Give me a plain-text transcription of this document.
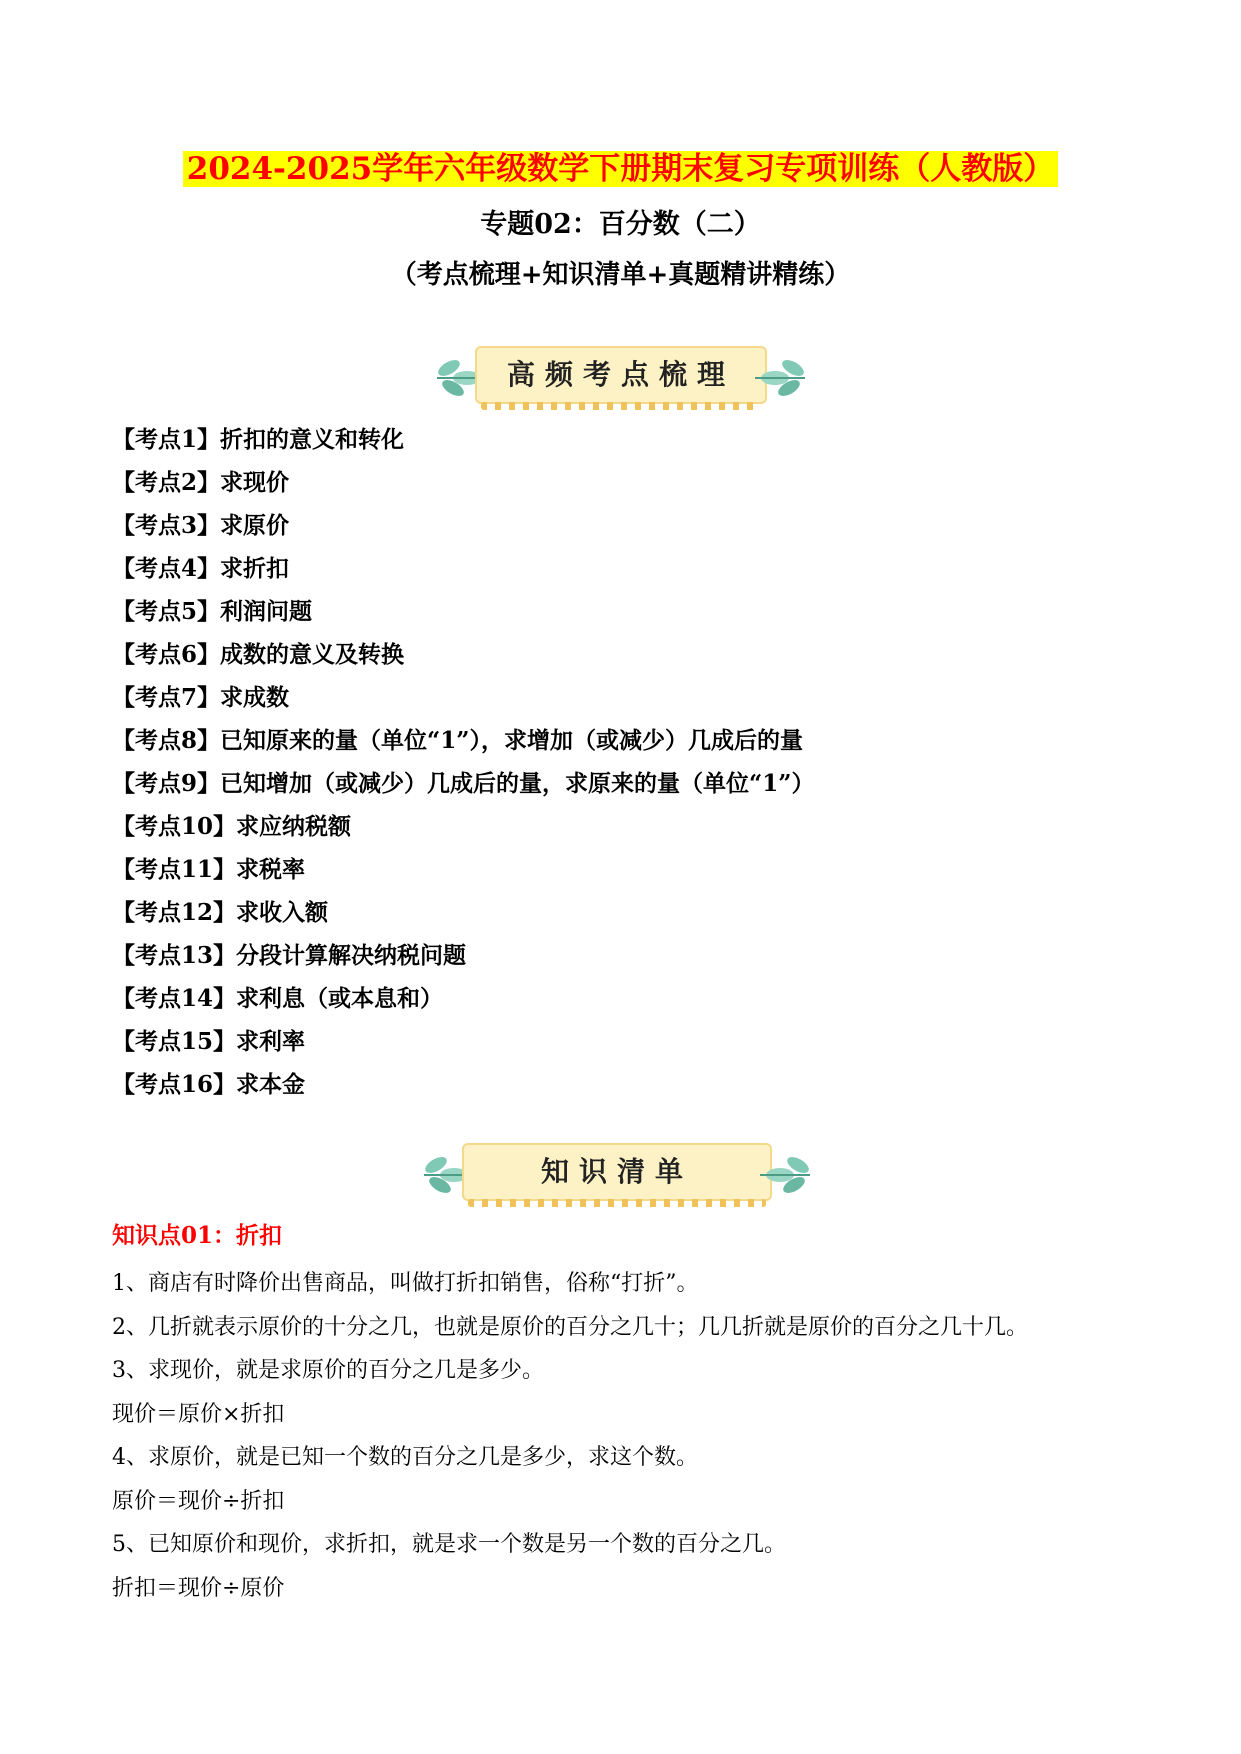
2024-2025学年六年级数学下册期末复习专项训练（人教版）
专题02：百分数（二）
（考点梳理+知识清单+真题精讲精练）
高频考点梳理
【考点1】折扣的意义和转化
【考点2】求现价
【考点3】求原价
【考点4】求折扣
【考点5】利润问题
【考点6】成数的意义及转换
【考点7】求成数
【考点8】已知原来的量（单位“1”），求增加（或减少）几成后的量
【考点9】已知增加（或减少）几成后的量，求原来的量（单位“1”）
【考点10】求应纳税额
【考点11】求税率
【考点12】求收入额
【考点13】分段计算解决纳税问题
【考点14】求利息（或本息和）
【考点15】求利率
【考点16】求本金
知识清单
知识点01：折扣

1、商店有时降价出售商品，叫做打折扣销售，俗称“打折”。

2、几折就表示原价的十分之几，也就是原价的百分之几十；几几折就是原价的百分之几十几。

3、求现价，就是求原价的百分之几是多少。

现价＝原价×折扣

4、求原价，就是已知一个数的百分之几是多少，求这个数。

原价＝现价÷折扣

5、已知原价和现价，求折扣，就是求一个数是另一个数的百分之几。

折扣＝现价÷原价
